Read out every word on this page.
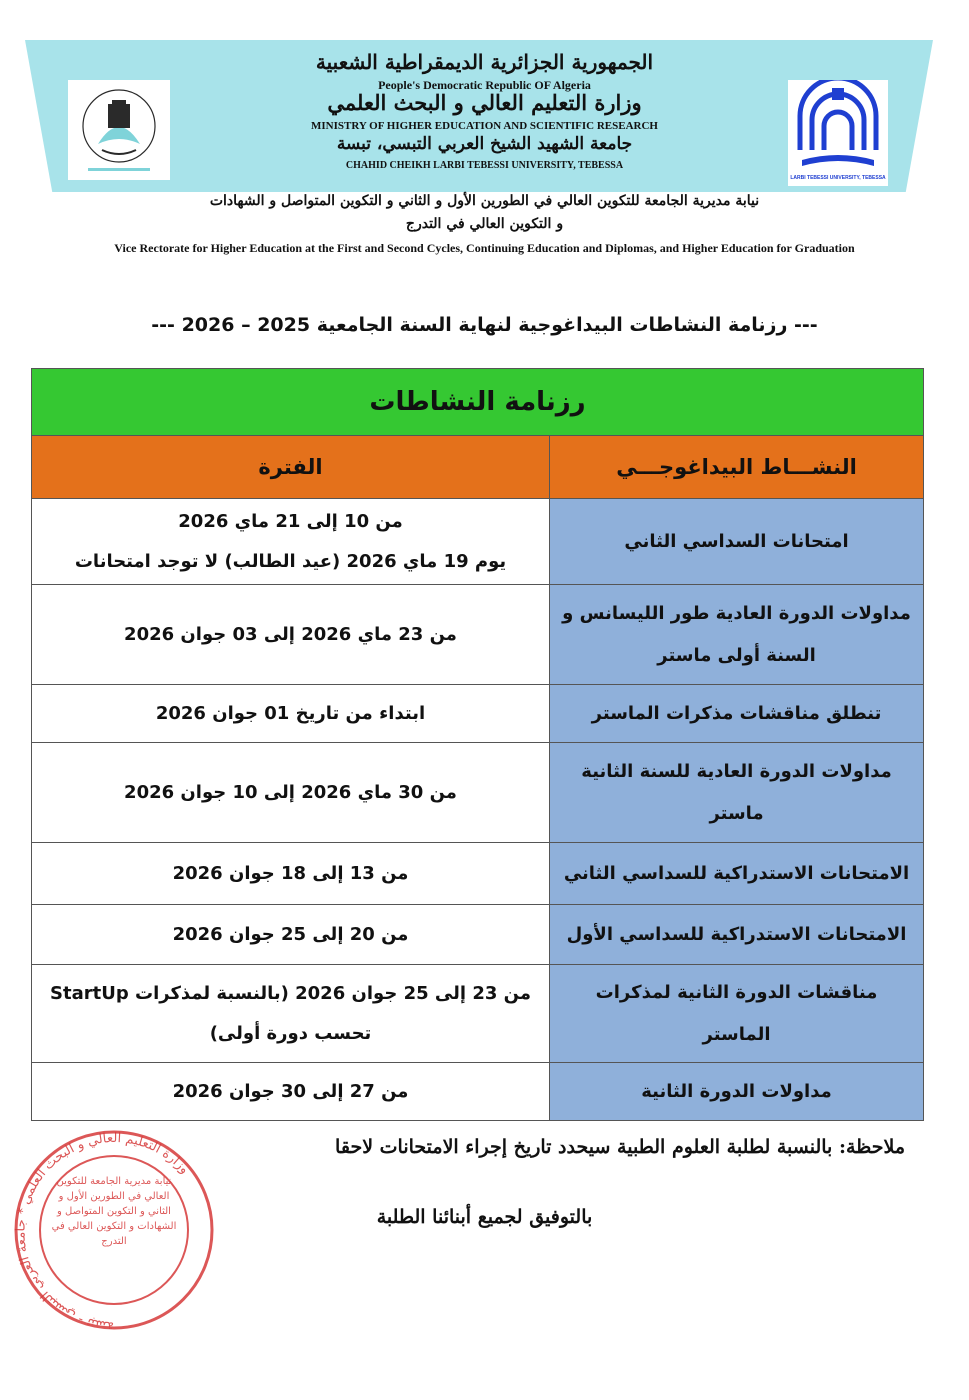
LARBI TEBESSI UNIVERSITY, TEBESSA
الجمهورية الجزائرية الديمقراطية الشعبية
People's Democratic Republic OF Algeria
وزارة التعليم العالي و البحث العلمي
MINISTRY OF HIGHER EDUCATION AND SCIENTIFIC RESEARCH
جامعة الشهيد الشيخ العربي التبسي، تبسة
CHAHID CHEIKH LARBI TEBESSI UNIVERSITY, TEBESSA
نيابة مديرية الجامعة للتكوين العالي في الطورين الأول و الثاني و التكوين المتواصل و الشهادات
و التكوين العالي في التدرج
Vice Rectorate for Higher Education at the First and Second Cycles, Continuing Education and Diplomas, and Higher Education for Graduation
--- رزنامة النشاطات البيداغوجية لنهاية السنة الجامعية 2025 – 2026 ---
رزنامة النشاطات	
النشـــاط البيداغوجـــي	الفترة
امتحانات السداسي الثاني	من 10 إلى 21 ماي 2026
يوم 19 ماي 2026 (عيد الطالب) لا توجد امتحانات

مداولات الدورة العادية طور الليسانس و السنة أولى ماستر	من 23 ماي 2026 إلى 03 جوان 2026
تنطلق مناقشات مذكرات الماستر	ابتداء من تاريخ 01 جوان 2026
مداولات الدورة العادية للسنة الثانية ماستر	من 30 ماي 2026 إلى 10 جوان 2026
الامتحانات الاستدراكية للسداسي الثاني	من 13 إلى 18 جوان 2026
الامتحانات الاستدراكية للسداسي الأول	من 20 إلى 25 جوان 2026
مناقشات الدورة الثانية لمذكرات الماستر	من 23 إلى 25 جوان 2026 (بالنسبة لمذكرات StartUp
تحسب دورة أولى)

مداولات الدورة الثانية	من 27 إلى 30 جوان 2026
وزارة التعليم العالي و البحث العلمي * جامعة العربي التبسي - تبسة
نيابة مديرية الجامعة للتكوين العالي في الطورين الأول و الثاني و التكوين المتواصل و الشهادات و التكوين العالي في التدرج
ملاحظة: بالنسبة لطلبة العلوم الطبية سيحدد تاريخ إجراء الامتحانات لاحقا
بالتوفيق لجميع أبنائنا الطلبة
